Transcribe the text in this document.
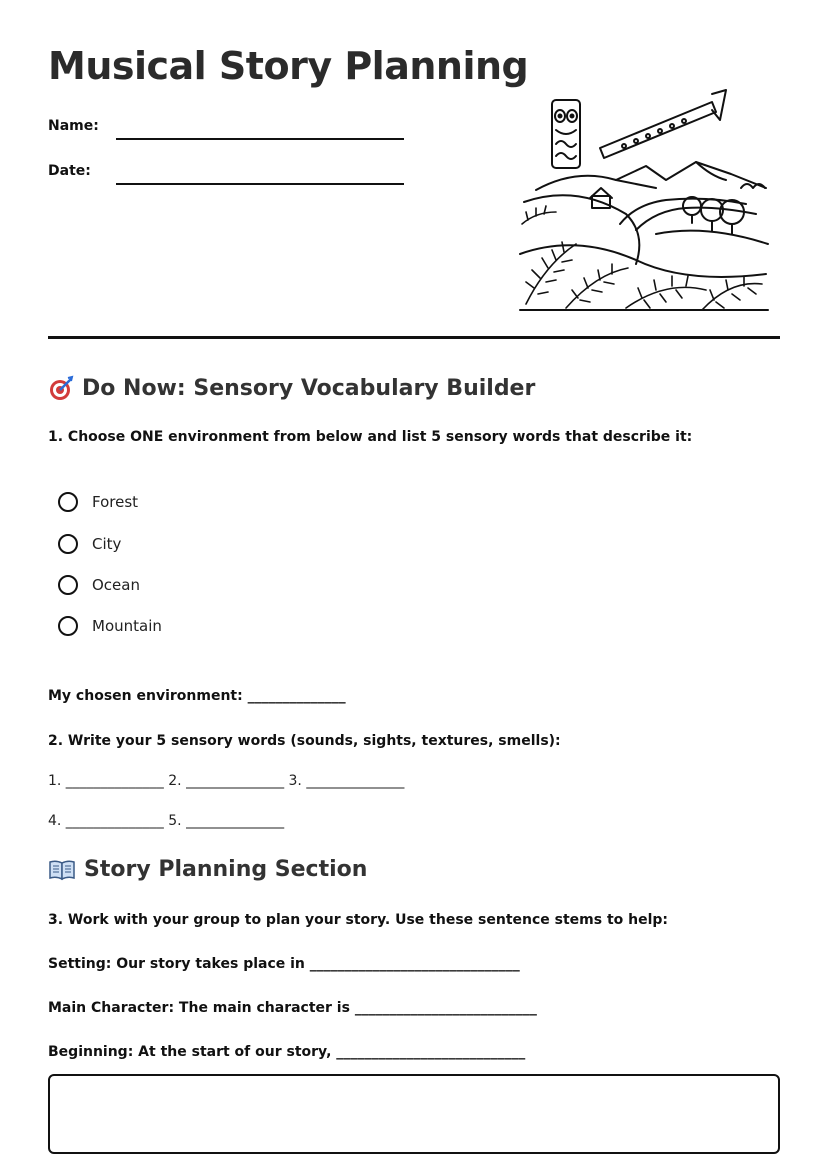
Musical Story Planning
Name:
Date:
Do Now: Sensory Vocabulary Builder
1. Choose ONE environment from below and list 5 sensory words that describe it:
Forest
City
Ocean
Mountain
My chosen environment: ______________
2. Write your 5 sensory words (sounds, sights, textures, smells):
1. ______________ 2. ______________ 3. ______________
4. ______________ 5. ______________
Story Planning Section
3. Work with your group to plan your story. Use these sentence stems to help:
Setting: Our story takes place in ______________________________
Main Character: The main character is __________________________
Beginning: At the start of our story, ___________________________
